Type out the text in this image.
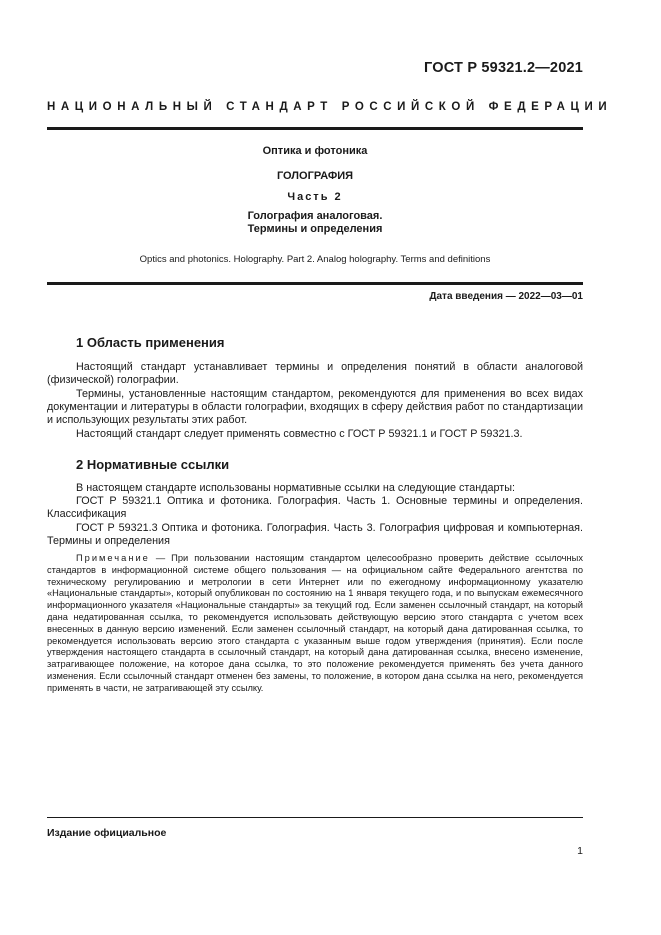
ГОСТ Р 59321.2—2021
НАЦИОНАЛЬНЫЙ СТАНДАРТ РОССИЙСКОЙ ФЕДЕРАЦИИ
Оптика и фотоника
ГОЛОГРАФИЯ
Часть 2
Голография аналоговая.
Термины и определения
Optics and photonics. Holography. Part 2. Analog holography. Terms and definitions
Дата введения — 2022—03—01
1 Область применения
Настоящий стандарт устанавливает термины и определения понятий в области аналоговой (физической) голографии.
Термины, установленные настоящим стандартом, рекомендуются для применения во всех видах документации и литературы в области голографии, входящих в сферу действия работ по стандартизации и использующих результаты этих работ.
Настоящий стандарт следует применять совместно с ГОСТ Р 59321.1 и ГОСТ Р 59321.3.
2 Нормативные ссылки
В настоящем стандарте использованы нормативные ссылки на следующие стандарты:
ГОСТ Р 59321.1 Оптика и фотоника. Голография. Часть 1. Основные термины и определения. Классификация
ГОСТ Р 59321.3 Оптика и фотоника. Голография. Часть 3. Голография цифровая и компьютерная. Термины и определения
Примечание — При пользовании настоящим стандартом целесообразно проверить действие ссылочных стандартов в информационной системе общего пользования — на официальном сайте Федерального агентства по техническому регулированию и метрологии в сети Интернет или по ежегодному информационному указателю «Национальные стандарты», который опубликован по состоянию на 1 января текущего года, и по выпускам ежемесячного информационного указателя «Национальные стандарты» за текущий год. Если заменен ссылочный стандарт, на который дана недатированная ссылка, то рекомендуется использовать действующую версию этого стандарта с учетом всех внесенных в данную версию изменений. Если заменен ссылочный стандарт, на который дана датированная ссылка, то рекомендуется использовать версию этого стандарта с указанным выше годом утверждения (принятия). Если после утверждения настоящего стандарта в ссылочный стандарт, на который дана датированная ссылка, внесено изменение, затрагивающее положение, на которое дана ссылка, то это положение рекомендуется применять без учета данного изменения. Если ссылочный стандарт отменен без замены, то положение, в котором дана ссылка на него, рекомендуется применять в части, не затрагивающей эту ссылку.
Издание официальное
1
